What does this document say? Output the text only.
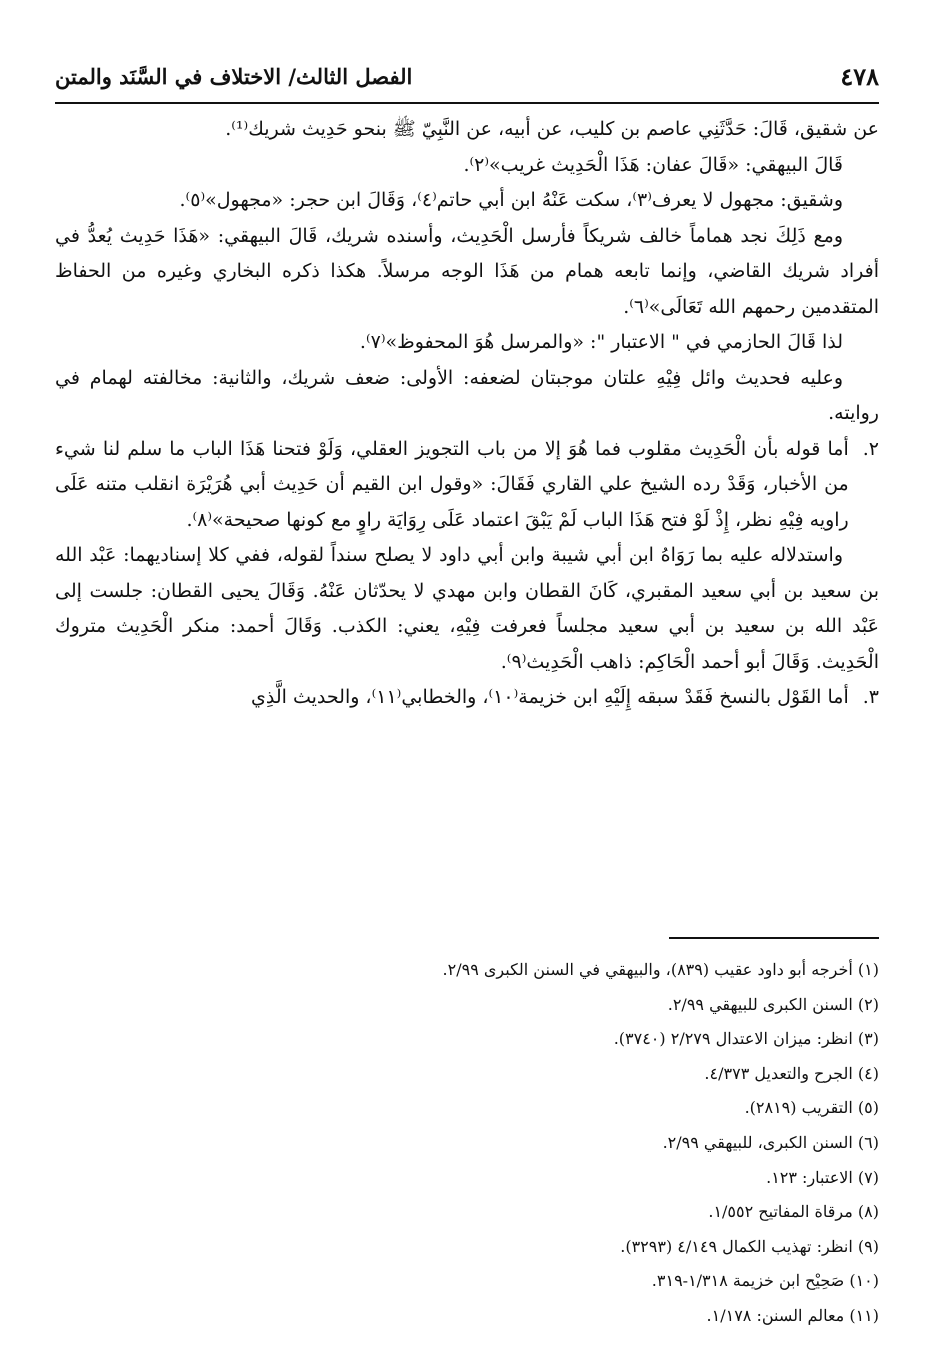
٤٧٨
الفصل الثالث/ الاختلاف في السَّنَد والمتن

عن شقيق، قَالَ: حَدَّثَنِي عاصم بن كليب، عن أبيه، عن النَّبِيّ ﷺ بنحو حَدِيث شريك⁽¹⁾.

قَالَ البيهقي: «قَالَ عفان: هَذَا الْحَدِيث غريب»⁽٢⁾.

وشقيق: مجهول لا يعرف⁽٣⁾، سكت عَنْهُ ابن أبي حاتم⁽٤⁾، وَقَالَ ابن حجر: «مجهول»⁽٥⁾.

ومع ذَلِكَ نجد هماماً خالف شريكاً فأرسل الْحَدِيث، وأسنده شريك، قَالَ البيهقي: «هَذَا حَدِيث يُعدُّ في أفراد شريك القاضي، وإنما تابعه همام من هَذَا الوجه مرسلاً. هكذا ذكره البخاري وغيره من الحفاظ المتقدمين رحمهم الله تَعَالَى»⁽٦⁾.

لذا قَالَ الحازمي في " الاعتبار ": «والمرسل هُوَ المحفوظ»⁽٧⁾.

وعليه فحديث وائل فِيْهِ علتان موجبتان لضعفه: الأولى: ضعف شريك، والثانية: مخالفته لهمام في روايته.

٢.
أما قوله بأن الْحَدِيث مقلوب فما هُوَ إلا من باب التجويز العقلي، وَلَوْ فتحنا هَذَا الباب ما سلم لنا شيء من الأخبار، وَقَدْ رده الشيخ علي القاري فَقَالَ: «وقول ابن القيم أن حَدِيث أبي هُرَيْرَة انقلب متنه عَلَى راويه فِيْهِ نظر، إِذْ لَوْ فتح هَذَا الباب لَمْ يَبْقَ اعتماد عَلَى رِوَايَة راوٍ مع كونها صحيحة»⁽٨⁾.

واستدلاله عليه بما رَوَاهُ ابن أبي شيبة وابن أبي داود لا يصلح سنداً لقوله، ففي كلا إسناديهما: عَبْد الله بن سعيد بن أبي سعيد المقبري، كَانَ القطان وابن مهدي لا يحدّثان عَنْهُ. وَقَالَ يحيى القطان: جلست إلى عَبْد الله بن سعيد بن أبي سعيد مجلساً فعرفت فِيْهِ، يعني: الكذب. وَقَالَ أحمد: منكر الْحَدِيث متروك الْحَدِيث. وَقَالَ أبو أحمد الْحَاكِم: ذاهب الْحَدِيث⁽٩⁾.

٣.
أما القَوْل بالنسخ فَقَدْ سبقه إِلَيْهِ ابن خزيمة⁽١٠⁾، والخطابي⁽١١⁾، والحديث الَّذِي
(١) أخرجه أبو داود عقيب (٨٣٩)، والبيهقي في السنن الكبرى ٢/٩٩.
(٢) السنن الكبرى للبيهقي ٢/٩٩.
(٣) انظر: ميزان الاعتدال ٢/٢٧٩ (٣٧٤٠).
(٤) الجرح والتعديل ٤/٣٧٣.
(٥) التقريب (٢٨١٩).
(٦) السنن الكبرى، للبيهقي ٢/٩٩.
(٧) الاعتبار: ١٢٣.
(٨) مرقاة المفاتيح ١/٥٥٢.
(٩) انظر: تهذيب الكمال ٤/١٤٩ (٣٢٩٣).
(١٠) صَحِيْح ابن خزيمة ١/٣١٨-٣١٩.
(١١) معالم السنن: ١/١٧٨.
